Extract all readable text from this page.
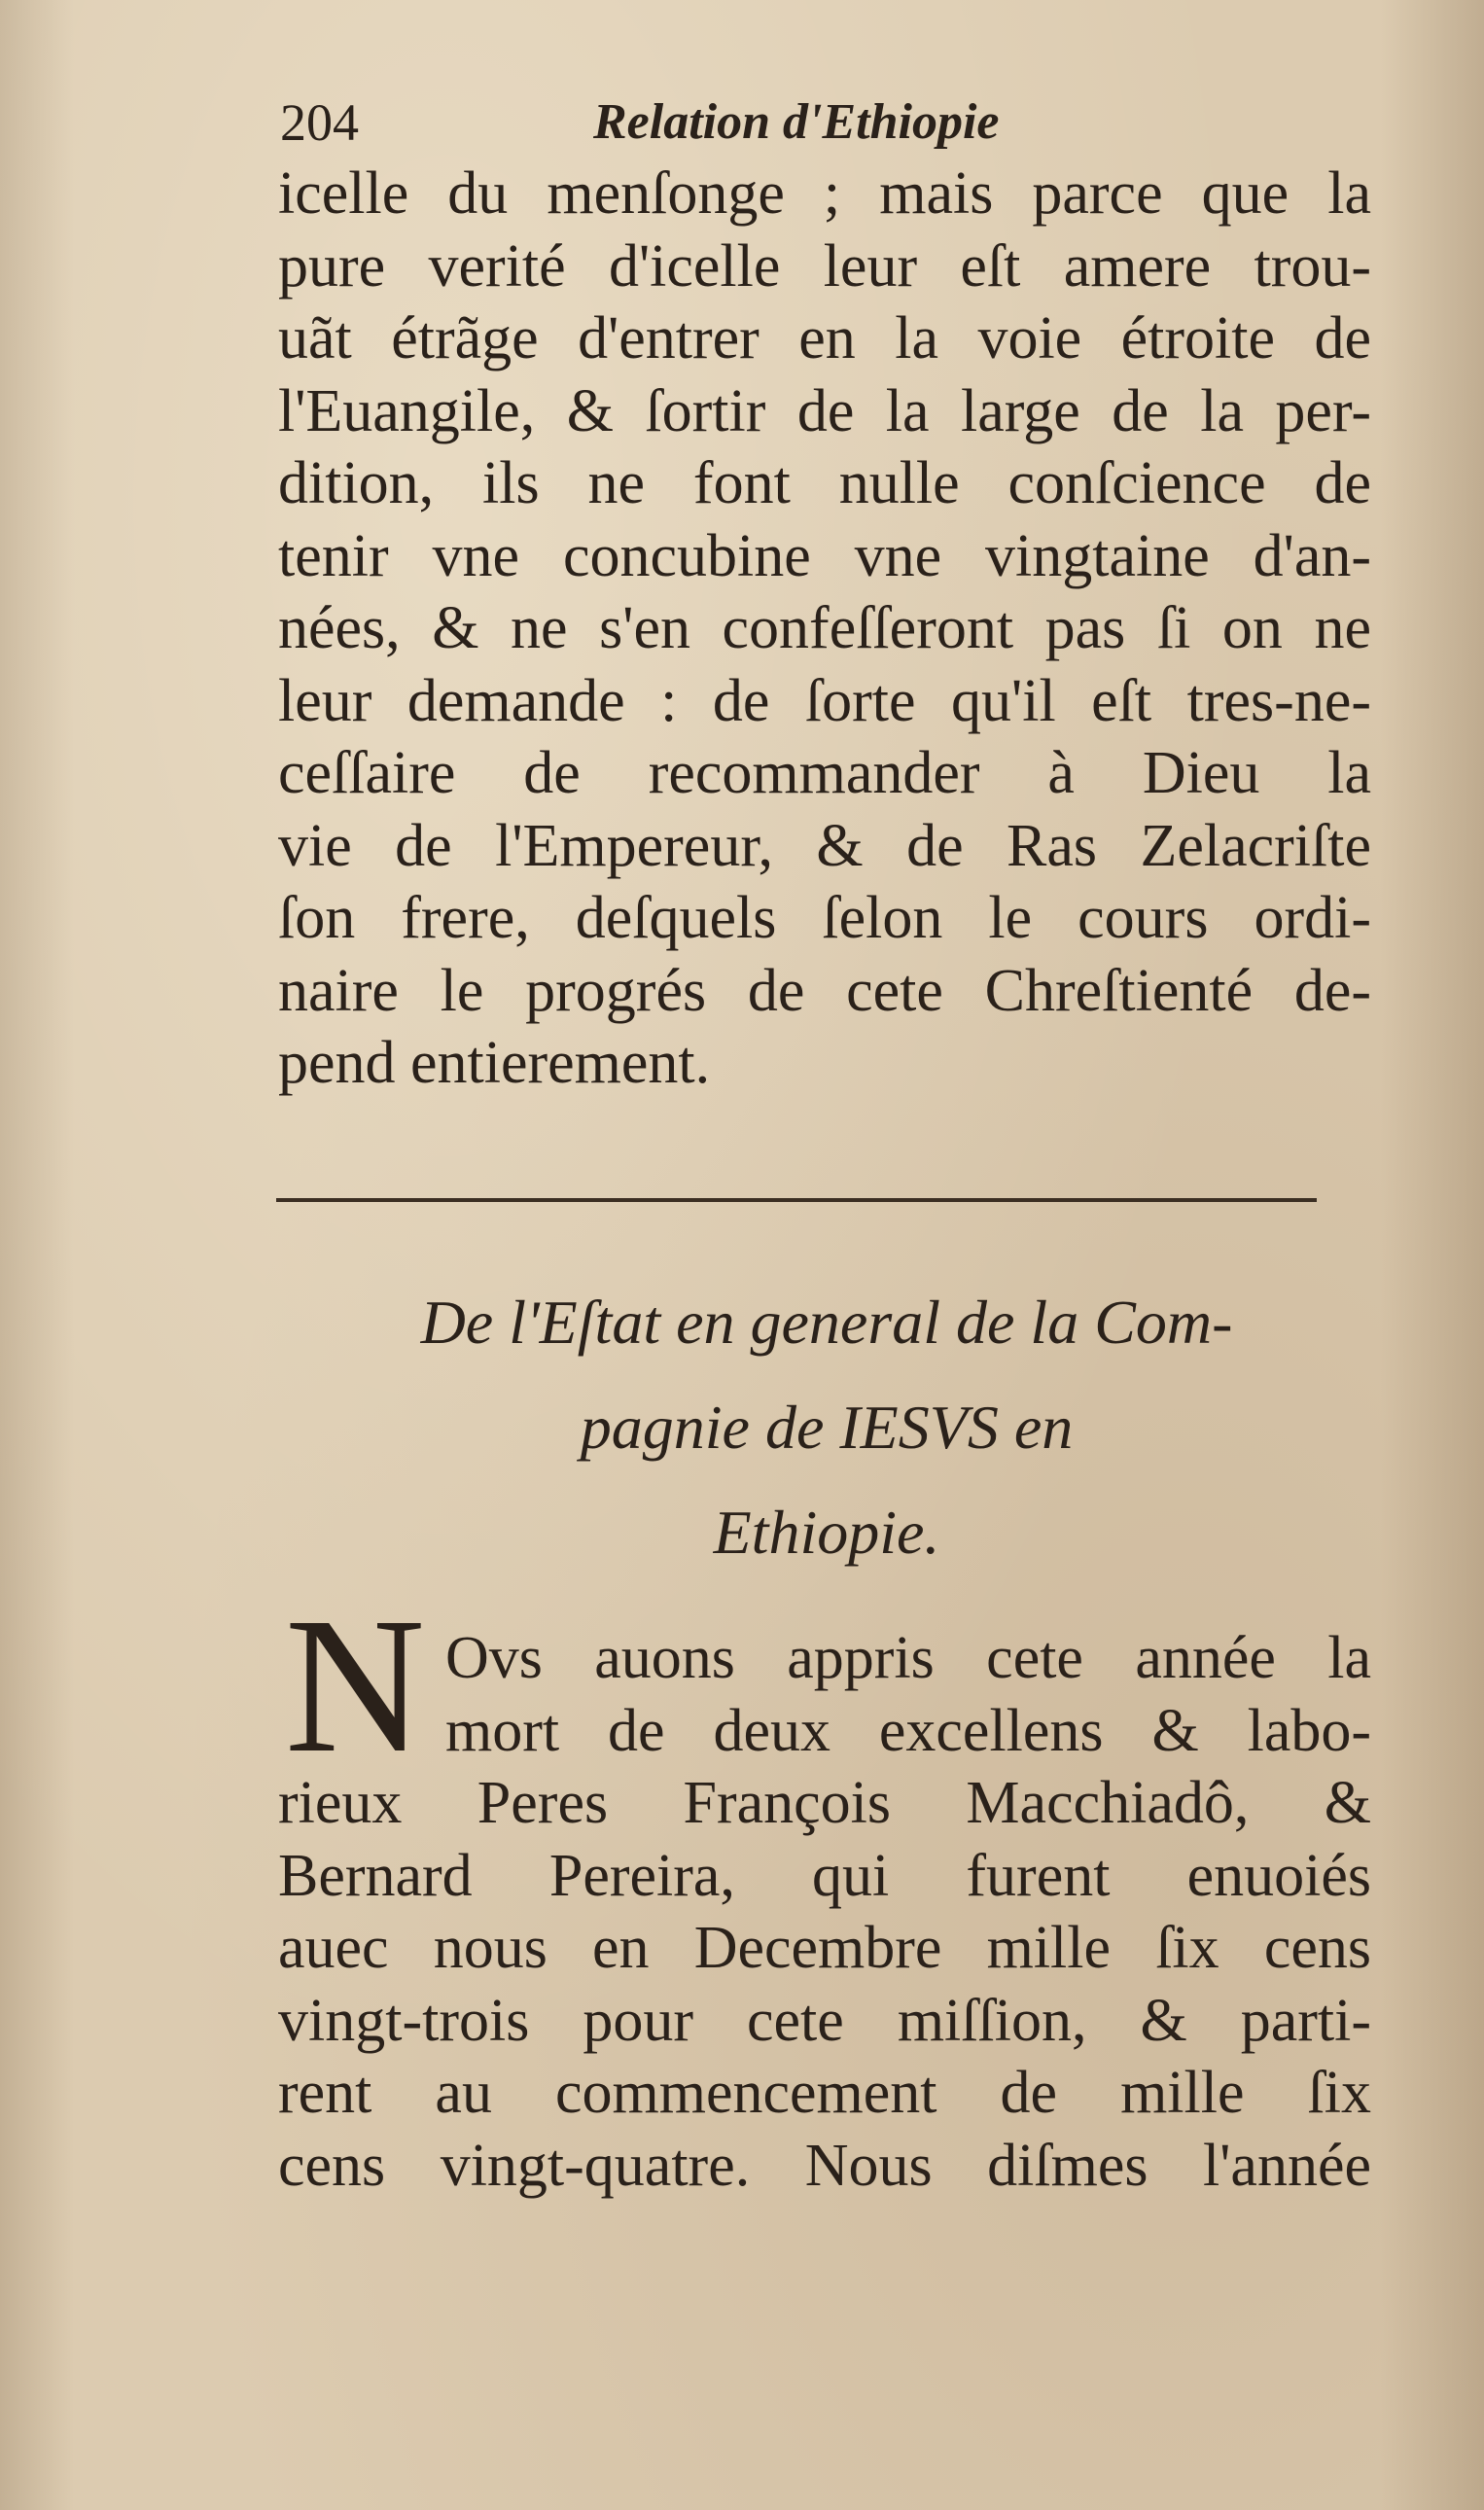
204	Relation d'Ethiopie
icelle du menſonge ; mais parce que la
pure verité d'icelle leur eſt amere trou-
uãt étrãge d'entrer en la voie étroite de
l'Euangile, & ſortir de la large de la per-
dition, ils ne font nulle conſcience de
tenir vne concubine vne vingtaine d'an-
nées, & ne s'en confeſſeront pas ſi on ne
leur demande : de ſorte qu'il eſt tres-ne-
ceſſaire de recommander à Dieu la
vie de l'Empereur, & de Ras Zelacriſte
ſon frere, deſquels ſelon le cours ordi-
naire le progrés de cete Chreſtienté de-
pend entierement.
De l'Eſtat en general de la Com-
pagnie de IESVS en
Ethiopie.
N Ovs auons appris cete année la
mort de deux excellens & labo-
rieux Peres François Macchiadô, &
Bernard Pereira, qui furent enuoiés
auec nous en Decembre mille ſix cens
vingt-trois pour cete miſſion, & parti-
rent au commencement de mille ſix
cens vingt-quatre. Nous diſmes l'année
